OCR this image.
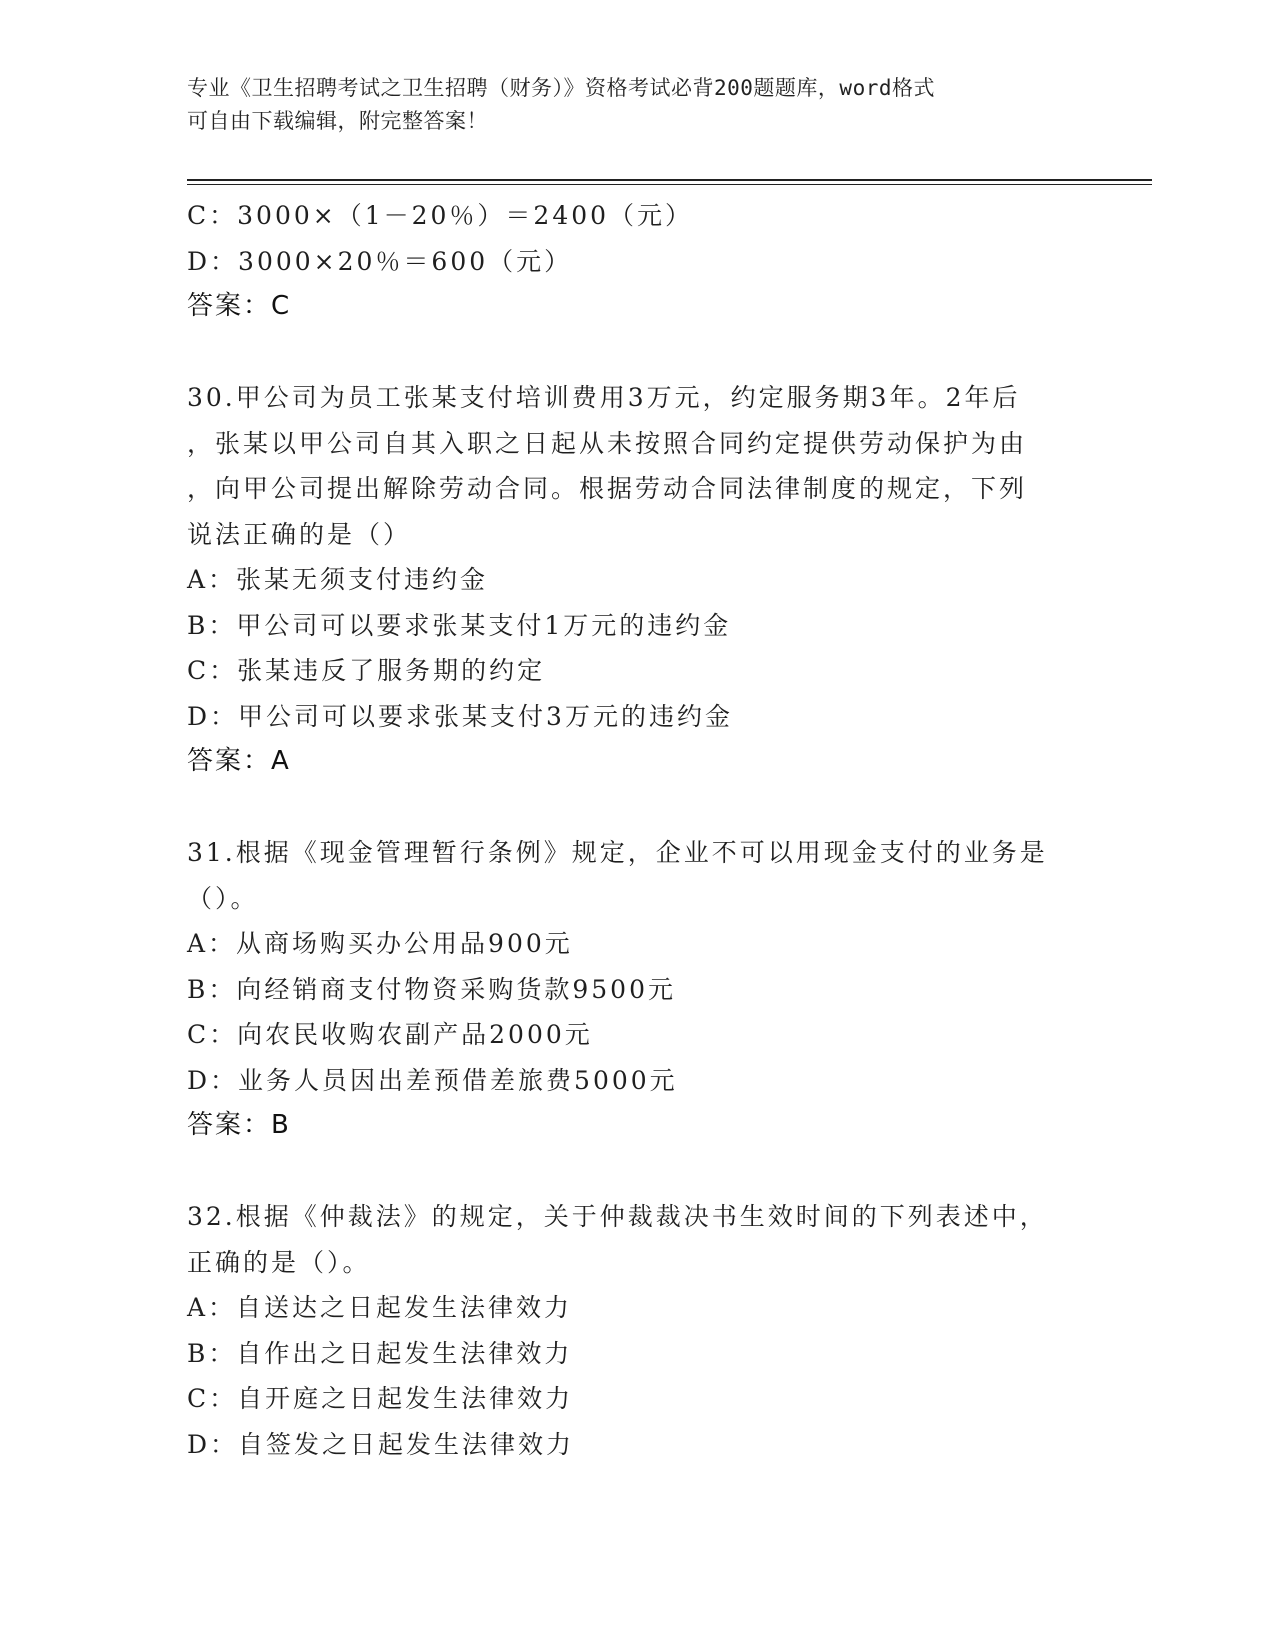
专业《卫生招聘考试之卫生招聘（财务）》资格考试必背200题题库，word格式
可自由下载编辑，附完整答案！
C：3000×（1－20％）＝2400（元）
D：3000×20％＝600（元）
答案：C
30.甲公司为员工张某支付培训费用3万元，约定服务期3年。2年后
，张某以甲公司自其入职之日起从未按照合同约定提供劳动保护为由
，向甲公司提出解除劳动合同。根据劳动合同法律制度的规定，下列
说法正确的是（）
A：张某无须支付违约金
B：甲公司可以要求张某支付1万元的违约金
C：张某违反了服务期的约定
D：甲公司可以要求张某支付3万元的违约金
答案：A
31.根据《现金管理暂行条例》规定，企业不可以用现金支付的业务是
（）。
A：从商场购买办公用品900元
B：向经销商支付物资采购货款9500元
C：向农民收购农副产品2000元
D：业务人员因出差预借差旅费5000元
答案：B
32.根据《仲裁法》的规定，关于仲裁裁决书生效时间的下列表述中，
正确的是（）。
A：自送达之日起发生法律效力
B：自作出之日起发生法律效力
C：自开庭之日起发生法律效力
D：自签发之日起发生法律效力
